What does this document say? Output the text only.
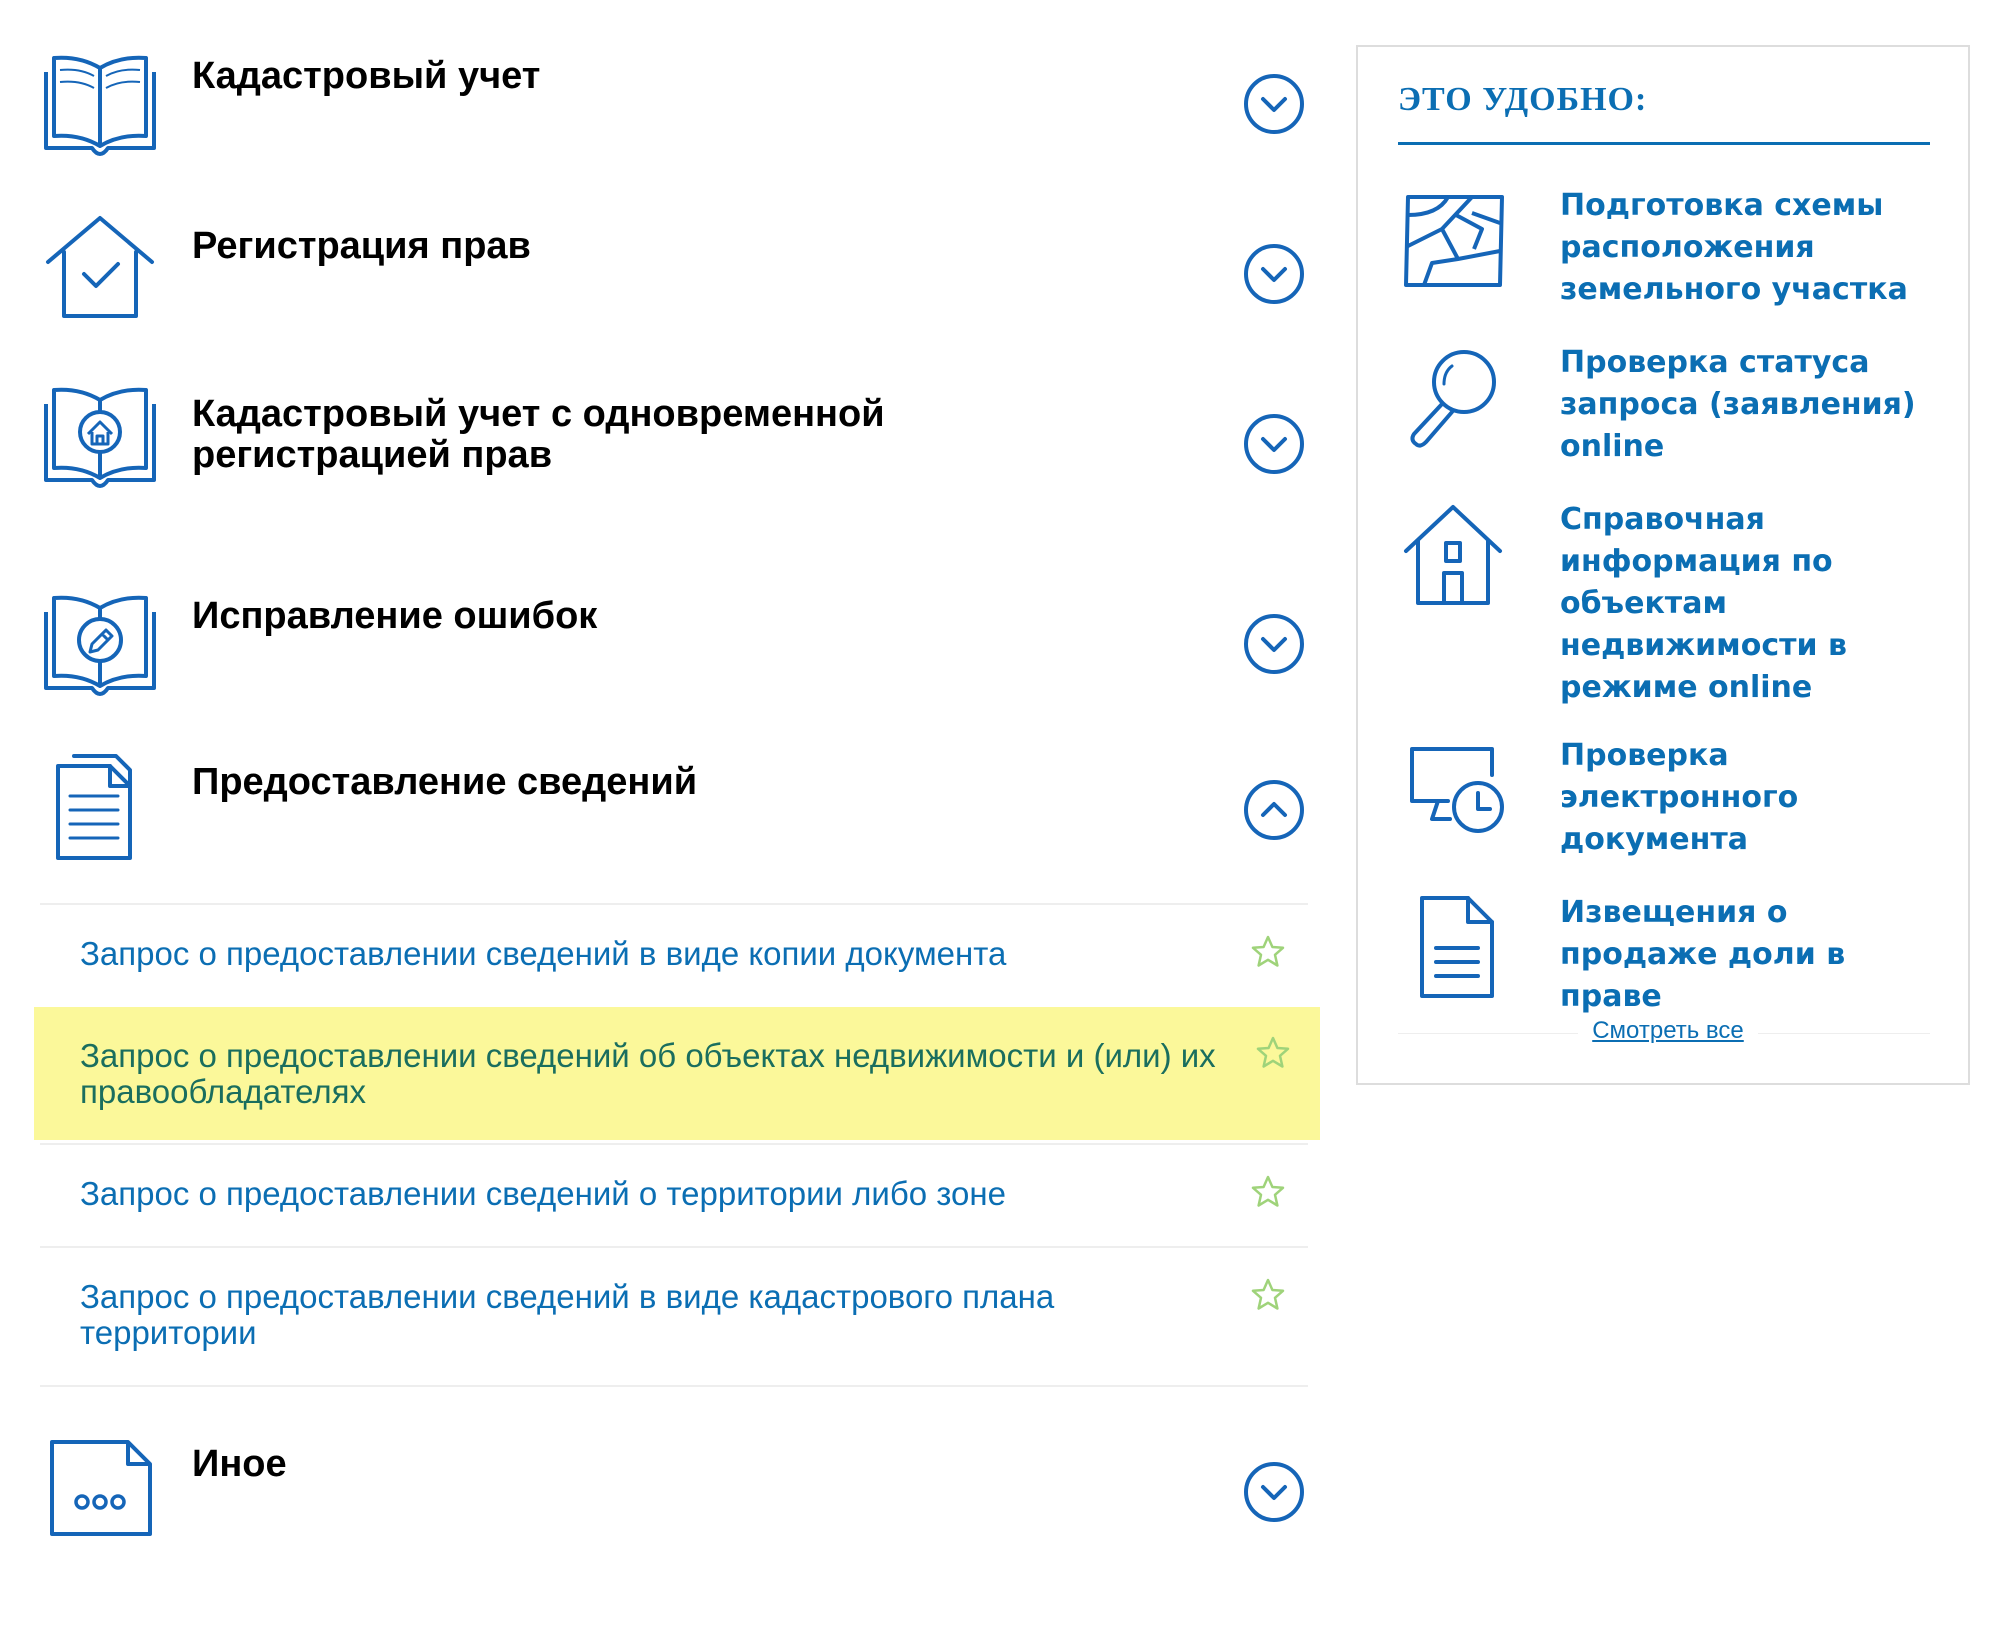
Кадастровый учет
Регистрация прав
Кадастровый учет с одновременной регистрацией прав
Исправление ошибок
Предоставление сведений
Запрос о предоставлении сведений в виде копии документа
Запрос о предоставлении сведений об объектах недвижимости и (или) их правообладателях
Запрос о предоставлении сведений о территории либо зоне
Запрос о предоставлении сведений в виде кадастрового плана территории
Иное
ЭТО УДОБНО:
Подготовка схемы расположения земельного участка
Проверка статуса запроса (заявления) online
Справочная информация по объектам недвижимости в режиме online
Проверка электронного документа
Извещения о продаже доли в праве
Смотреть все
